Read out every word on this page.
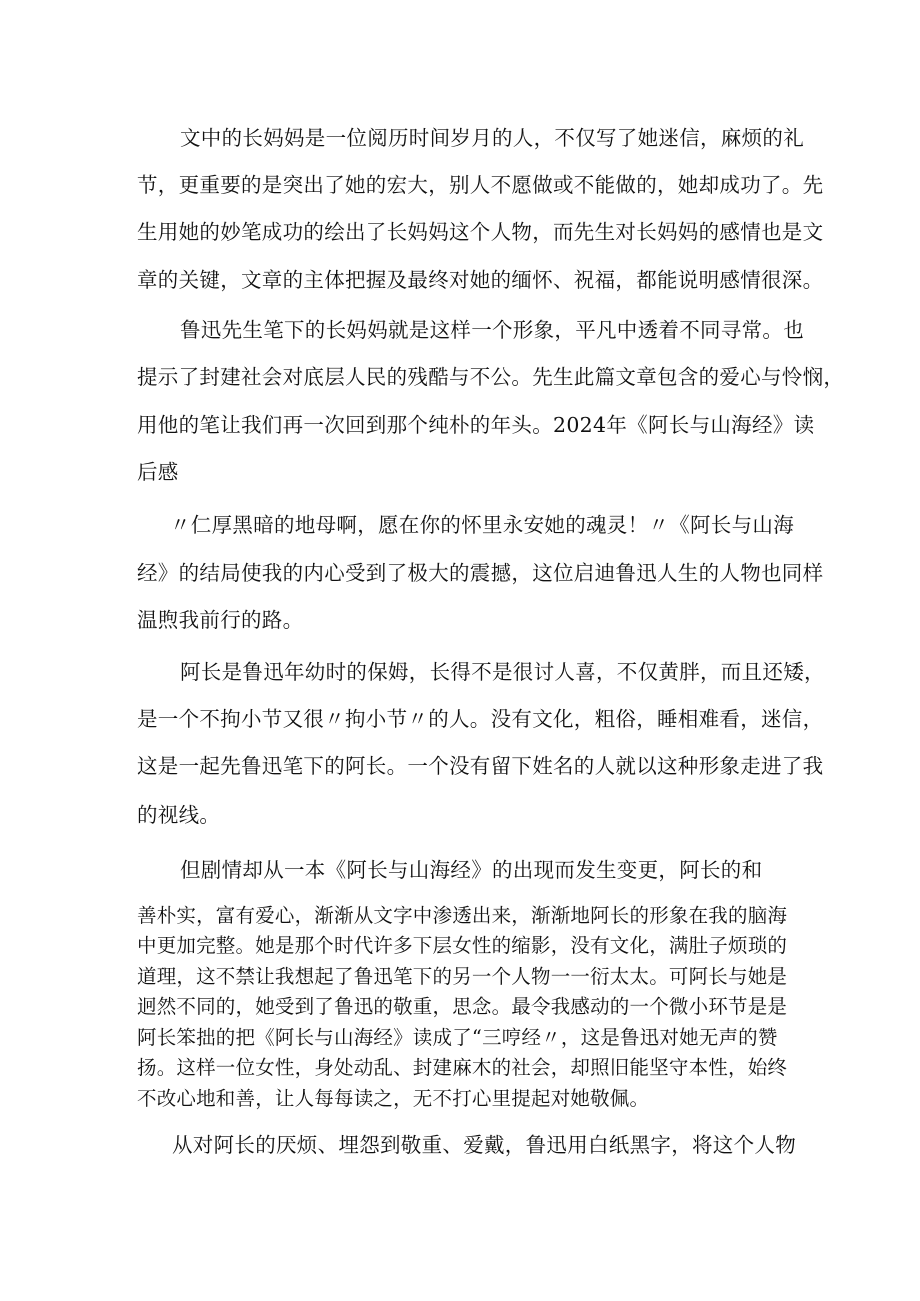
文中的长妈妈是一位阅历时间岁月的人，不仅写了她迷信，麻烦的礼
节，更重要的是突出了她的宏大，别人不愿做或不能做的，她却成功了。先
生用她的妙笔成功的绘出了长妈妈这个人物，而先生对长妈妈的感情也是文
章的关键，文章的主体把握及最终对她的缅怀、祝福，都能说明感情很深。
鲁迅先生笔下的长妈妈就是这样一个形象，平凡中透着不同寻常。也
提示了封建社会对底层人民的残酷与不公。先生此篇文章包含的爱心与怜悯，
用他的笔让我们再一次回到那个纯朴的年头。2024年《阿长与山海经》读
后感
〃仁厚黑暗的地母啊，愿在你的怀里永安她的魂灵！〃《阿长与山海
经》的结局使我的内心受到了极大的震撼，这位启迪鲁迅人生的人物也同样
温煦我前行的路。
阿长是鲁迅年幼时的保姆，长得不是很讨人喜，不仅黄胖，而且还矮，
是一个不拘小节又很〃拘小节〃的人。没有文化，粗俗，睡相难看，迷信，
这是一起先鲁迅笔下的阿长。一个没有留下姓名的人就以这种形象走进了我
的视线。
但剧情却从一本《阿长与山海经》的出现而发生变更，阿长的和
善朴实，富有爱心，渐渐从文字中渗透出来，渐渐地阿长的形象在我的脑海
中更加完整。她是那个时代许多下层女性的缩影，没有文化，满肚子烦琐的
道理，这不禁让我想起了鲁迅笔下的另一个人物一一衍太太。可阿长与她是
迥然不同的，她受到了鲁迅的敬重，思念。最令我感动的一个微小环节是是
阿长笨拙的把《阿长与山海经》读成了“三哼经〃，这是鲁迅对她无声的赞
扬。这样一位女性，身处动乱、封建麻木的社会，却照旧能坚守本性，始终
不改心地和善，让人每每读之，无不打心里提起对她敬佩。
从对阿长的厌烦、埋怨到敬重、爱戴，鲁迅用白纸黑字，将这个人物
